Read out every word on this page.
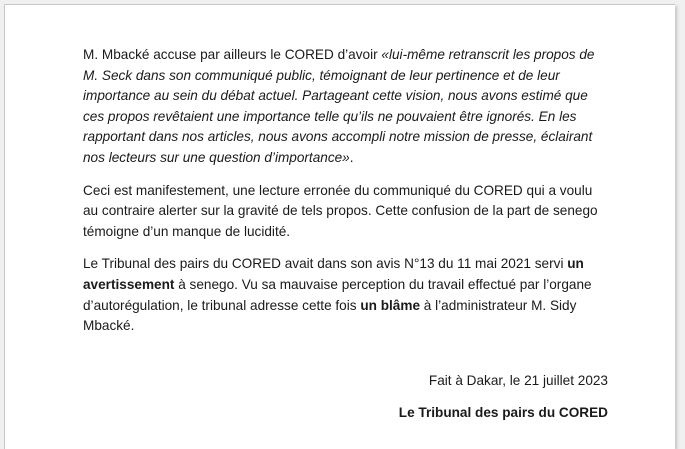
M. Mbacké accuse par ailleurs le CORED d’avoir «lui-même retranscrit les propos de M. Seck dans son communiqué public, témoignant de leur pertinence et de leur importance au sein du débat actuel. Partageant cette vision, nous avons estimé que ces propos revêtaient une importance telle qu’ils ne pouvaient être ignorés. En les rapportant dans nos articles, nous avons accompli notre mission de presse, éclairant nos lecteurs sur une question d’importance».

Ceci est manifestement, une lecture erronée du communiqué du CORED qui a voulu au contraire alerter sur la gravité de tels propos. Cette confusion de la part de senego témoigne d’un manque de lucidité.

Le Tribunal des pairs du CORED avait dans son avis N°13 du 11 mai 2021 servi un avertissement à senego. Vu sa mauvaise perception du travail effectué par l’organe d’autorégulation, le tribunal adresse cette fois un blâme à l’administrateur M. Sidy Mbacké.

Fait à Dakar, le 21 juillet 2023

Le Tribunal des pairs du CORED
